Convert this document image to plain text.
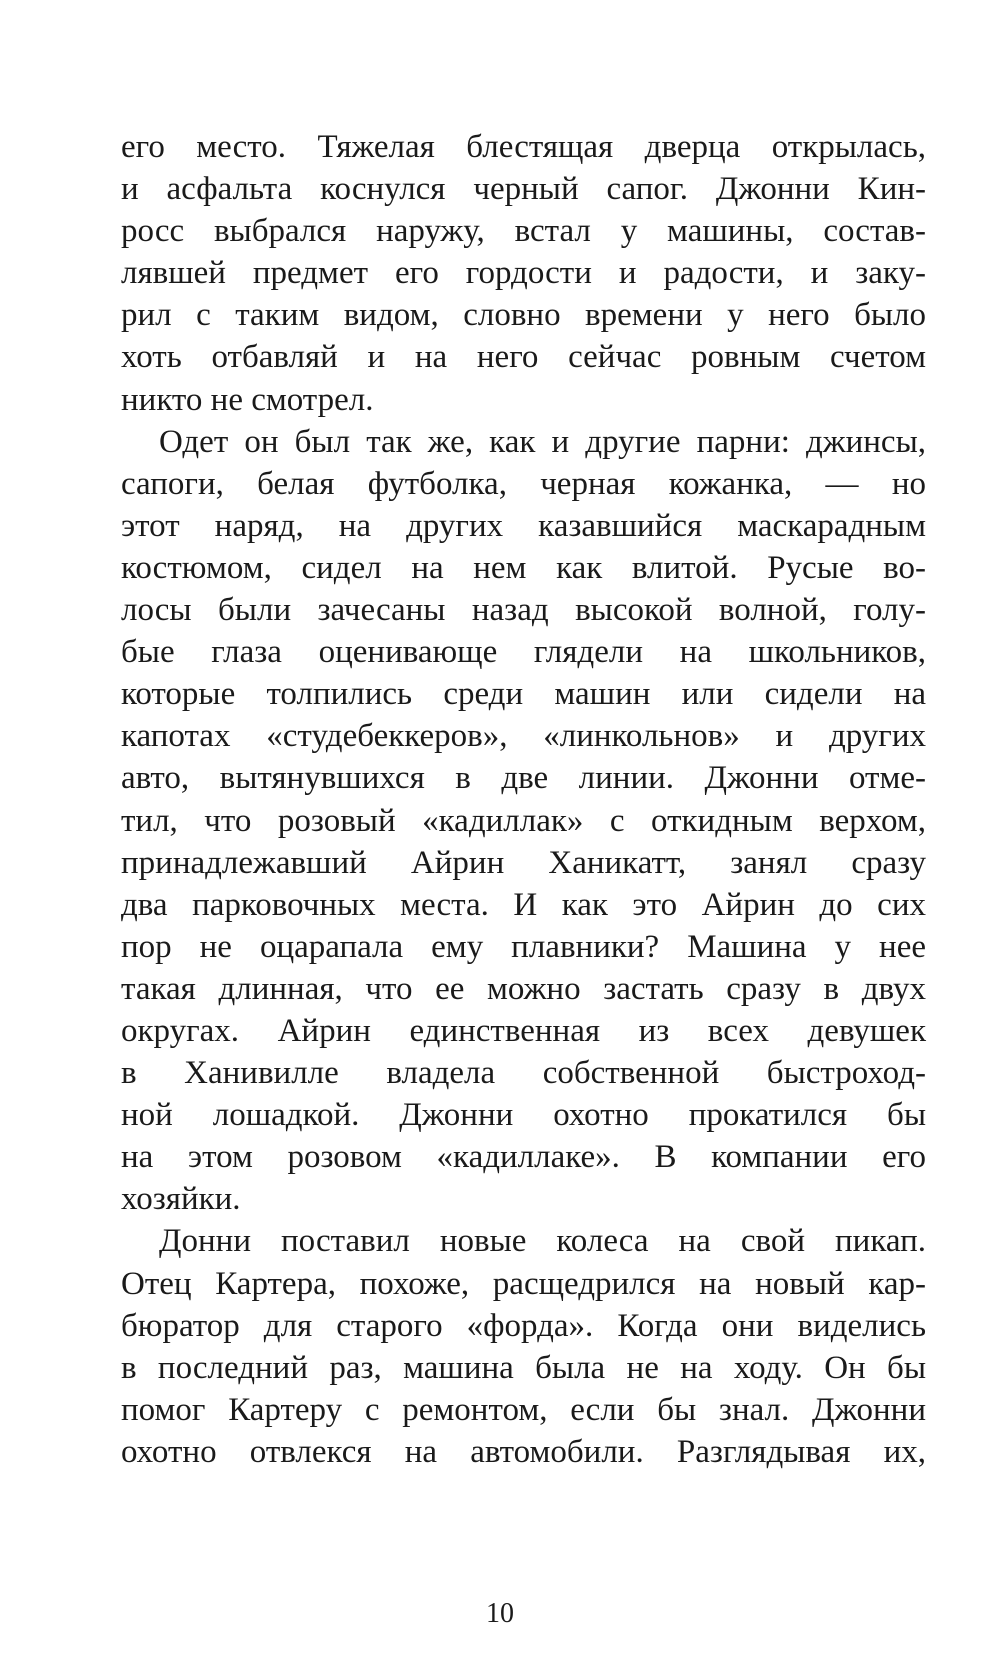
его место. Тяжелая блестящая дверца открылась,
и асфальта коснулся черный сапог. Джонни Кин-
росс выбрался наружу, встал у машины, состав-
лявшей предмет его гордости и радости, и заку-
рил с таким видом, словно времени у него было
хоть отбавляй и на него сейчас ровным счетом
никто не смотрел.
Одет он был так же, как и другие парни: джинсы,
сапоги, белая футболка, черная кожанка, — но
этот наряд, на других казавшийся маскарадным
костюмом, сидел на нем как влитой. Русые во-
лосы были зачесаны назад высокой волной, голу-
бые глаза оценивающе глядели на школьников,
которые толпились среди машин или сидели на
капотах «студебеккеров», «линкольнов» и других
авто, вытянувшихся в две линии. Джонни отме-
тил, что розовый «кадиллак» с откидным верхом,
принадлежавший Айрин Ханикатт, занял сразу
два парковочных места. И как это Айрин до сих
пор не оцарапала ему плавники? Машина у нее
такая длинная, что ее можно застать сразу в двух
округах. Айрин единственная из всех девушек
в Ханивилле владела собственной быстроход-
ной лошадкой. Джонни охотно прокатился бы
на этом розовом «кадиллаке». В компании его
хозяйки.
Донни поставил новые колеса на свой пикап.
Отец Картера, похоже, расщедрился на новый кар-
бюратор для старого «форда». Когда они виделись
в последний раз, машина была не на ходу. Он бы
помог Картеру с ремонтом, если бы знал. Джонни
охотно отвлекся на автомобили. Разглядывая их,
10
